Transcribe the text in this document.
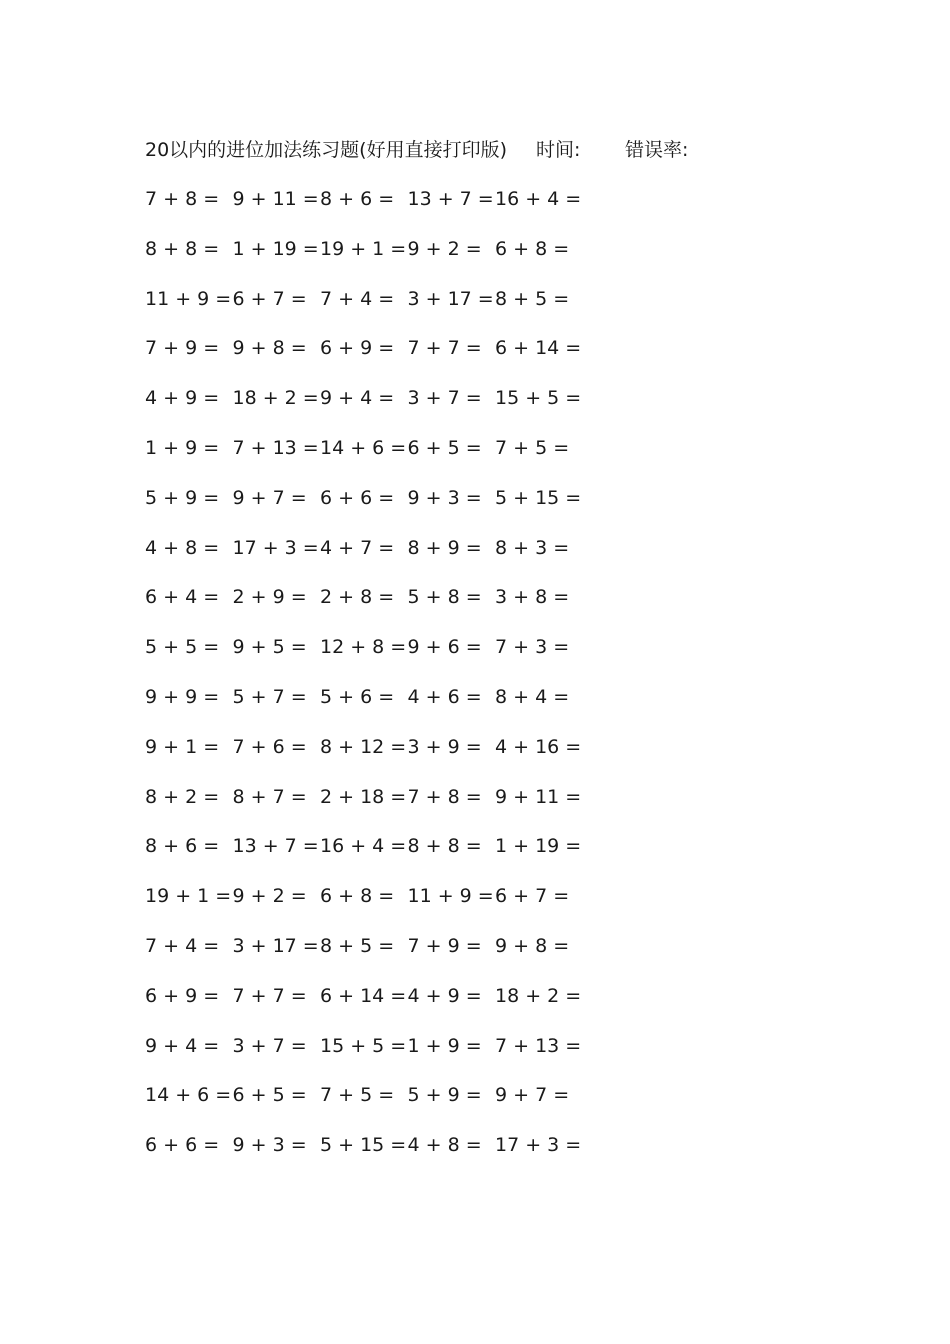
20以内的进位加法练习题(好用直接打印版) 时间: 错误率:
7 + 8 = 9 + 11 = 8 + 6 = 13 + 7 = 16 + 4 =
8 + 8 = 1 + 19 = 19 + 1 = 9 + 2 = 6 + 8 =
11 + 9 = 6 + 7 = 7 + 4 = 3 + 17 = 8 + 5 =
7 + 9 = 9 + 8 = 6 + 9 = 7 + 7 = 6 + 14 =
4 + 9 = 18 + 2 = 9 + 4 = 3 + 7 = 15 + 5 =
1 + 9 = 7 + 13 = 14 + 6 = 6 + 5 = 7 + 5 =
5 + 9 = 9 + 7 = 6 + 6 = 9 + 3 = 5 + 15 =
4 + 8 = 17 + 3 = 4 + 7 = 8 + 9 = 8 + 3 =
6 + 4 = 2 + 9 = 2 + 8 = 5 + 8 = 3 + 8 =
5 + 5 = 9 + 5 = 12 + 8 = 9 + 6 = 7 + 3 =
9 + 9 = 5 + 7 = 5 + 6 = 4 + 6 = 8 + 4 =
9 + 1 = 7 + 6 = 8 + 12 = 3 + 9 = 4 + 16 =
8 + 2 = 8 + 7 = 2 + 18 = 7 + 8 = 9 + 11 =
8 + 6 = 13 + 7 = 16 + 4 = 8 + 8 = 1 + 19 =
19 + 1 = 9 + 2 = 6 + 8 = 11 + 9 = 6 + 7 =
7 + 4 = 3 + 17 = 8 + 5 = 7 + 9 = 9 + 8 =
6 + 9 = 7 + 7 = 6 + 14 = 4 + 9 = 18 + 2 =
9 + 4 = 3 + 7 = 15 + 5 = 1 + 9 = 7 + 13 =
14 + 6 = 6 + 5 = 7 + 5 = 5 + 9 = 9 + 7 =
6 + 6 = 9 + 3 = 5 + 15 = 4 + 8 = 17 + 3 =
